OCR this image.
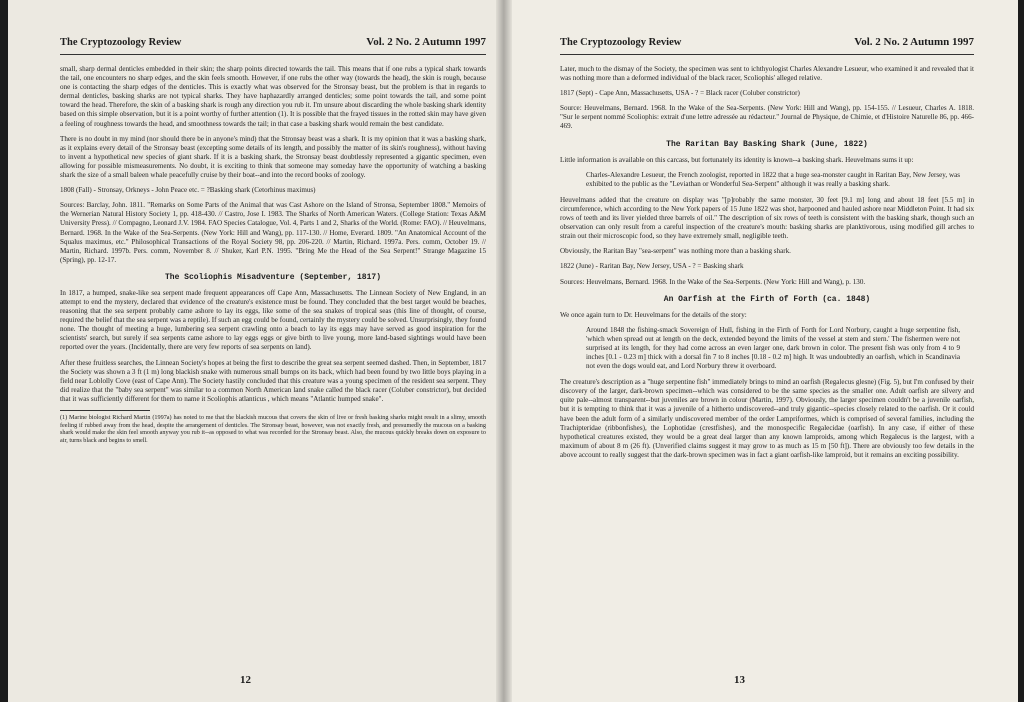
The Cryptozoology Review	Vol. 2 No. 2 Autumn 1997

small, sharp dermal denticles embedded in their skin; the sharp points directed towards the tail. This means that if one rubs a typical shark towards the tail, one encounters no sharp edges, and the skin feels smooth. However, if one rubs the other way (towards the head), the skin is rough, because one is contacting the sharp edges of the denticles. This is exactly what was observed for the Stronsay beast, but the problem is that in regards to dermal denticles, basking sharks are not typical sharks. They have haphazardly arranged denticles; some point towards the tail, and some point toward the head. Therefore, the skin of a basking shark is rough any direction you rub it. I'm unsure about discarding the whole basking shark identity based on this simple observation, but it is a point worthy of further attention (1). It is possible that the frayed tissues in the rotted skin may have given a feeling of roughness towards the head, and smoothness towards the tail; in that case a basking shark would remain the best candidate.

There is no doubt in my mind (nor should there be in anyone's mind) that the Stronsay beast was a shark. It is my opinion that it was a basking shark, as it explains every detail of the Stronsay beast (excepting some details of its length, and possibly the matter of its skin's roughness), without having to invent a hypothetical new species of giant shark. If it is a basking shark, the Stronsay beast doubtlessly represented a gigantic specimen, even allowing for possible mismeasurements. No doubt, it is exciting to think that someone may someday have the opportunity of watching a basking shark the size of a small baleen whale peacefully cruise by their boat--and into the record books of zoology.

1808 (Fall) - Stronsay, Orkneys - John Peace etc. = ?Basking shark (Cetorhinus maximus)

Sources: Barclay, John. 1811. "Remarks on Some Parts of the Animal that was Cast Ashore on the Island of Stronsa, September 1808." Memoirs of the Wernerian Natural History Society 1, pp. 418-430. // Castro, Jose I. 1983. The Sharks of North American Waters. (College Station: Texas A&M University Press). // Compagno, Leonard J.V. 1984. FAO Species Catalogue, Vol. 4, Parts 1 and 2, Sharks of the World. (Rome: FAO). // Heuvelmans, Bernard. 1968. In the Wake of the Sea-Serpents. (New York: Hill and Wang), pp. 117-130. // Home, Everard. 1809. "An Anatomical Account of the Squalus maximus, etc." Philosophical Transactions of the Royal Society 98, pp. 206-220. // Martin, Richard. 1997a. Pers. comm, October 19. // Martin, Richard. 1997b. Pers. comm, November 8. // Shuker, Karl P.N. 1995. "Bring Me the Head of the Sea Serpent!" Strange Magazine 15 (Spring), pp. 12-17.

The Scoliophis Misadventure (September, 1817)

In 1817, a humped, snake-like sea serpent made frequent appearances off Cape Ann, Massachusetts. The Linnean Society of New England, in an attempt to end the mystery, declared that evidence of the creature's existence must be found. They concluded that the best target would be beaches, reasoning that the sea serpent probably came ashore to lay its eggs, like some of the sea snakes of tropical seas (this line of thought, of course, required the belief that the sea serpent was a reptile). If such an egg could be found, certainly the mystery could be solved. Unsurprisingly, they found none. The thought of meeting a huge, lumbering sea serpent crawling onto a beach to lay its eggs may have served as good inspiration for the scientists' search, but surely if sea serpents came ashore to lay eggs eggs or give birth to live young, more land-based sightings would have been reported over the years. (Incidentally, there are very few reports of sea serpents on land).

After these fruitless searches, the Linnean Society's hopes at being the first to describe the great sea serpent seemed dashed. Then, in September, 1817 the Society was shown a 3 ft (1 m) long blackish snake with numerous small bumps on its back, which had been found by two little boys playing in a field near Loblolly Cove (east of Cape Ann). The Society hastily concluded that this creature was a young specimen of the resident sea serpent. They did realize that the "baby sea serpent" was similar to a common North American land snake called the black racer (Coluber constrictor), but decided that it was sufficiently different for them to name it Scoliophis atlanticus , which means "Atlantic humped snake".

(1) Marine biologist Richard Martin (1997a) has noted to me that the blackish mucous that covers the skin of live or fresh basking sharks might result in a slimy, smooth feeling if rubbed away from the head, despite the arrangement of denticles. The Stronsay beast, however, was not exactly fresh, and presumedly the mucous on a basking shark would make the skin feel smooth anyway you rub it--as opposed to what was recorded for the Stronsay beast. Also, the mucous quickly breaks down on exposure to air, turns black and begins to smell.
12
The Cryptozoology Review	Vol. 2 No. 2 Autumn 1997

Later, much to the dismay of the Society, the specimen was sent to ichthyologist Charles Alexandre Lesueur, who examined it and revealed that it was nothing more than a deformed individual of the black racer, Scoliophis' alleged relative.

1817 (Sept) - Cape Ann, Massachusetts, USA - ? = Black racer (Coluber constrictor)

Source: Heuvelmans, Bernard. 1968. In the Wake of the Sea-Serpents. (New York: Hill and Wang), pp. 154-155. // Lesueur, Charles A. 1818. "Sur le serpent nommé Scoliophis: extrait d'une lettre adressée au rédacteur." Journal de Physique, de Chimie, et d'Histoire Naturelle 86, pp. 466-469.

The Raritan Bay Basking Shark (June, 1822)

Little information is available on this carcass, but fortunately its identity is known--a basking shark. Heuvelmans sums it up:

Charles-Alexandre Lesueur, the French zoologist, reported in 1822 that a huge sea-monster caught in Raritan Bay, New Jersey, was exhibited to the public as the "Leviathan or Wonderful Sea-Serpent" although it was really a basking shark.

Heuvelmans added that the creature on display was "[p]robably the same monster, 30 feet [9.1 m] long and about 18 feet [5.5 m] in circumference, which according to the New York papers of 15 June 1822 was shot, harpooned and hauled ashore near Middleton Point. It had six rows of teeth and its liver yielded three barrels of oil." The description of six rows of teeth is consistent with the basking shark, though such an observation can only result from a careful inspection of the creature's mouth: basking sharks are planktivorous, using modified gill arches to strain out their microscopic food, so they have extremely small, negligible teeth.

Obviously, the Raritan Bay "sea-serpent" was nothing more than a basking shark.

1822 (June) - Raritan Bay, New Jersey, USA - ? = Basking shark

Sources: Heuvelmans, Bernard. 1968. In the Wake of the Sea-Serpents. (New York: Hill and Wang), p. 130.

An Oarfish at the Firth of Forth (ca. 1848)

We once again turn to Dr. Heuvelmans for the details of the story:

Around 1848 the fishing-smack Sovereign of Hull, fishing in the Firth of Forth for Lord Norbury, caught a huge serpentine fish, 'which when spread out at length on the deck, extended beyond the limits of the vessel at stem and stern.' The fishermen were not surprised at its length, for they had come across an even larger one, dark brown in color. The present fish was only from 4 to 9 inches [0.1 - 0.23 m] thick with a dorsal fin 7 to 8 inches [0.18 - 0.2 m] high. It was undoubtedly an oarfish, which in Scandinavia not even the dogs would eat, and Lord Norbury threw it overboard.

The creature's description as a "huge serpentine fish" immediately brings to mind an oarfish (Regalecus glesne) (Fig. 5), but I'm confused by their discovery of the larger, dark-brown specimen--which was considered to be the same species as the smaller one. Adult oarfish are silvery and quite pale--almost transparent--but juveniles are brown in colour (Martin, 1997). Obviously, the larger specimen couldn't be a juvenile oarfish, but it is tempting to think that it was a juvenile of a hitherto undiscovered--and truly gigantic--species closely related to the oarfish. Or it could have been the adult form of a similarly undiscovered member of the order Lampriformes, which is comprised of several families, including the Trachipteridae (ribbonfishes), the Lophotidae (crestfishes), and the monospecific Regalecidae (oarfish). In any case, if either of these hypothetical creatures existed, they would be a great deal larger than any known lamproids, among which Regalecus is the largest, with a maximum of about 8 m (26 ft). (Unverified claims suggest it may grow to as much as 15 m [50 ft]). There are obviously too few details in the above account to really suggest that the dark-brown specimen was in fact a giant oarfish-like lamproid, but it remains an exciting possibility.

13
